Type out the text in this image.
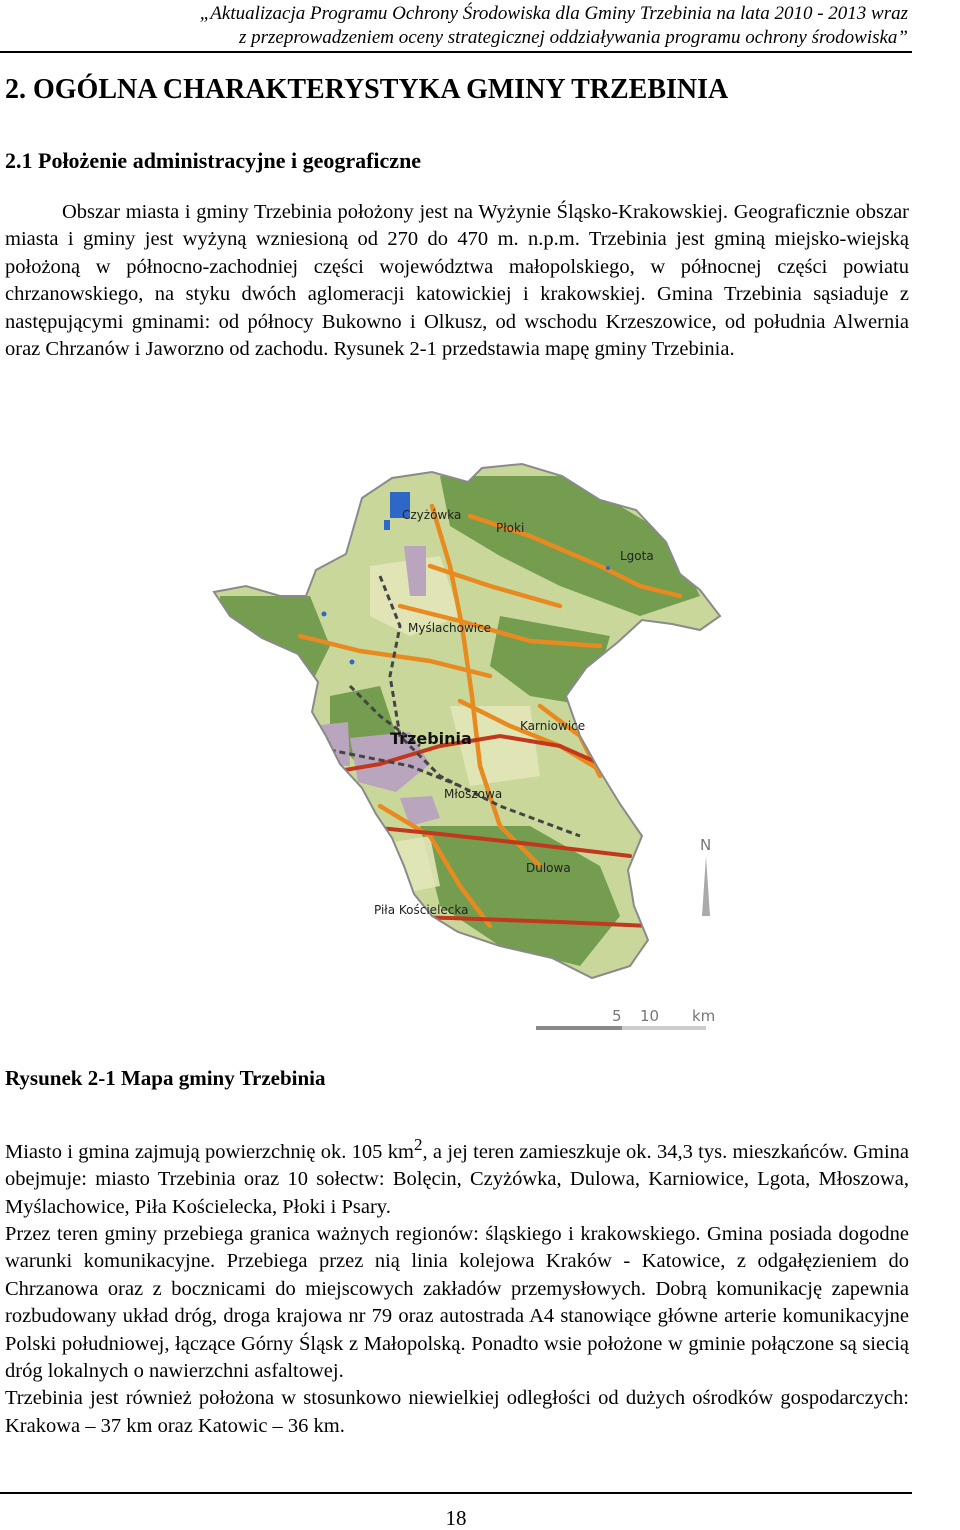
„Aktualizacja Programu Ochrony Środowiska dla Gminy Trzebinia na lata 2010 - 2013 wraz
z przeprowadzeniem oceny strategicznej oddziaływania programu ochrony środowiska”
2. OGÓLNA CHARAKTERYSTYKA GMINY TRZEBINIA
2.1 Położenie administracyjne i geograficzne
Obszar miasta i gminy Trzebinia położony jest na Wyżynie Śląsko-Krakowskiej. Geograficznie obszar miasta i gminy jest wyżyną wzniesioną od 270 do 470 m. n.p.m. Trzebinia jest gminą miejsko-wiejską położoną w północno-zachodniej części województwa małopolskiego, w północnej części powiatu chrzanowskiego, na styku dwóch aglomeracji katowickiej i krakowskiej. Gmina Trzebinia sąsiaduje z następującymi gminami: od północy Bukowno i Olkusz, od wschodu Krzeszowice, od południa Alwernia oraz Chrzanów i Jaworzno od zachodu. Rysunek 2-1 przedstawia mapę gminy Trzebinia.
Czyżówka
Płoki
Lgota
Myślachowice
Karniowice
Trzebinia
Młoszowa
Dulowa
Piła Kościelecka
N
5 10 km
Rysunek 2-1 Mapa gminy Trzebinia
Miasto i gmina zajmują powierzchnię ok. 105 $km^2$, a jej teren zamieszkuje ok. 34,3 tys. mieszkańców. Gmina obejmuje: miasto Trzebinia oraz 10 sołectw: Bolęcin, Czyżówka, Dulowa, Karniowice, Lgota, Młoszowa, Myślachowice, Piła Kościelecka, Płoki i Psary.
Przez teren gminy przebiega granica ważnych regionów: śląskiego i krakowskiego. Gmina posiada dogodne warunki komunikacyjne. Przebiega przez nią linia kolejowa Kraków - Katowice, z odgałęzieniem do Chrzanowa oraz z bocznicami do miejscowych zakładów przemysłowych. Dobrą komunikację zapewnia rozbudowany układ dróg, droga krajowa nr 79 oraz autostrada A4 stanowiące główne arterie komunikacyjne Polski południowej, łączące Górny Śląsk z Małopolską. Ponadto wsie położone w gminie połączone są siecią dróg lokalnych o nawierzchni asfaltowej.
Trzebinia jest również położona w stosunkowo niewielkiej odległości od dużych ośrodków gospodarczych: Krakowa – 37 km oraz Katowic – 36 km.
18
